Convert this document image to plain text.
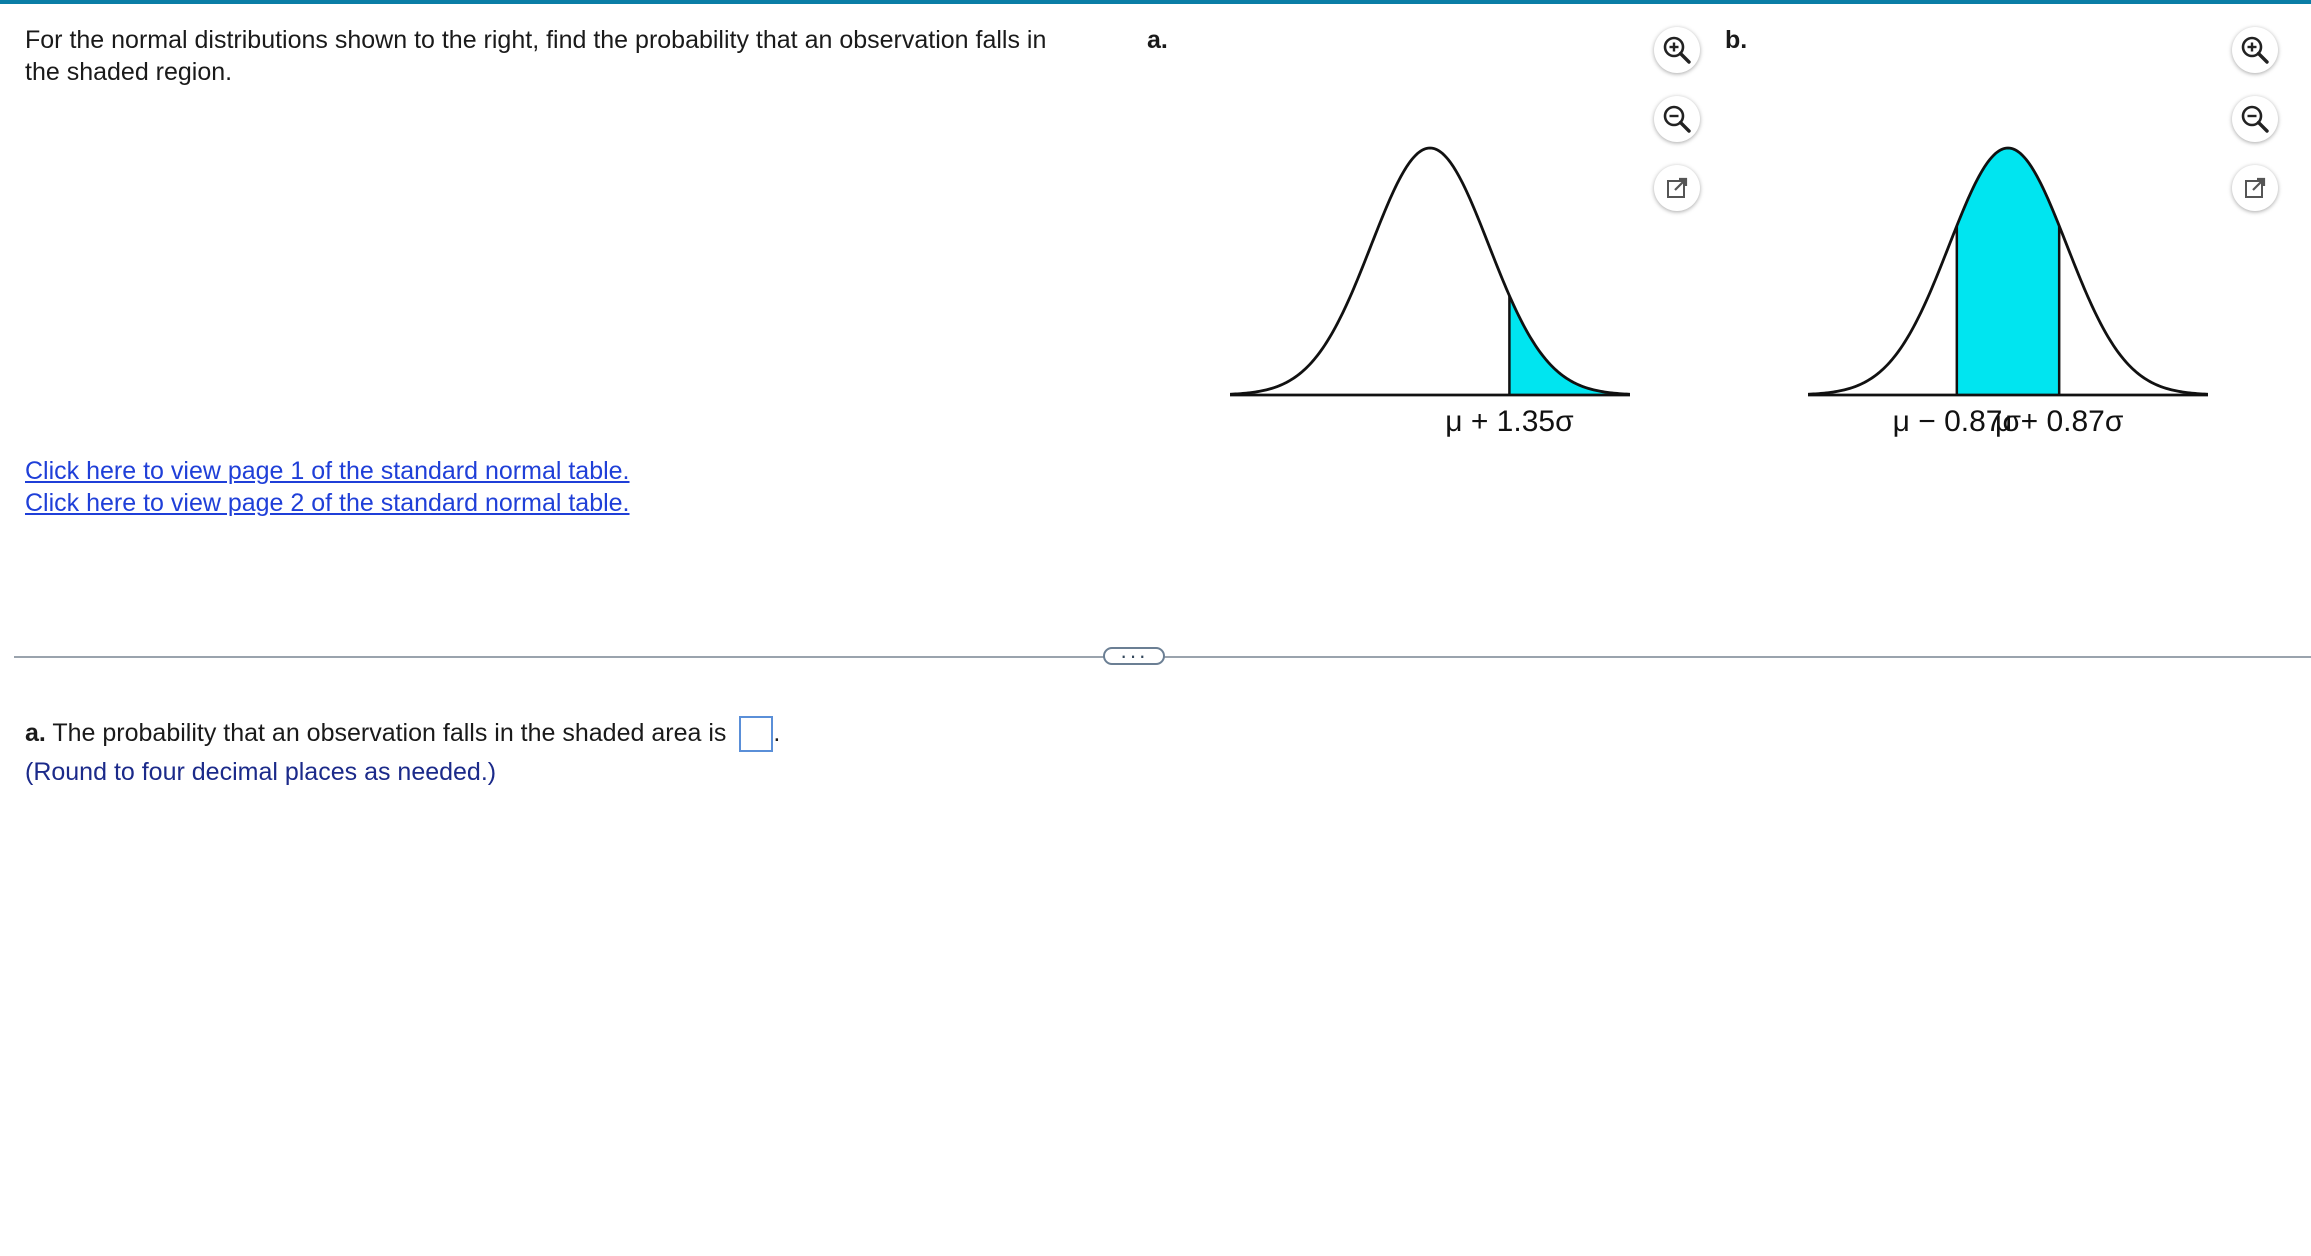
For the normal distributions shown to the right, find the probability that an observation falls in the shaded region.
Click here to view page 1 of the standard normal table.
Click here to view page 2 of the standard normal table.
a.
μ + 1.35σ
b.
μ − 0.87σ
μ + 0.87σ
···
a. The probability that an observation falls in the shaded area is .
(Round to four decimal places as needed.)
